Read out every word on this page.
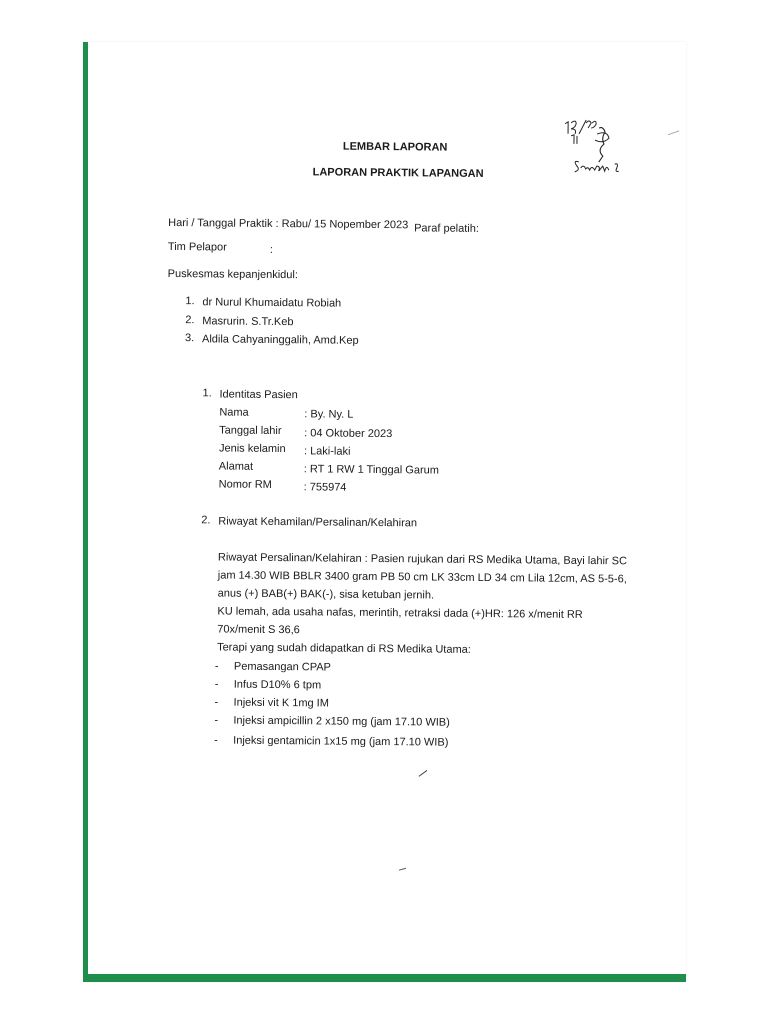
LEMBAR LAPORAN
LAPORAN PRAKTIK LAPANGAN
Hari / Tanggal Praktik : Rabu/ 15 Nopember 2023 Paraf pelatih:
Tim Pelapor	:
Puskesmas kepanjenkidul:
1. dr Nurul Khumaidatu Robiah
2. Masrurin. S.Tr.Keb
3. Aldila Cahyaninggalih, Amd.Kep
1. Identitas Pasien
Nama	: By. Ny. L
Tanggal lahir : 04 Oktober 2023
Jenis kelamin : Laki-laki
Alamat	: RT 1 RW 1 Tinggal Garum
Nomor RM	: 755974
2. Riwayat Kehamilan/Persalinan/Kelahiran
Riwayat Persalinan/Kelahiran : Pasien rujukan dari RS Medika Utama, Bayi lahir SC
jam 14.30 WIB BBLR 3400 gram PB 50 cm LK 33cm LD 34 cm Lila 12cm, AS 5-5-6,
anus (+) BAB(+) BAK(-), sisa ketuban jernih.
KU lemah, ada usaha nafas, merintih, retraksi dada (+)HR: 126 x/menit RR
70x/menit S 36,6
Terapi yang sudah didapatkan di RS Medika Utama:
- Pemasangan CPAP
- Infus D10% 6 tpm
- Injeksi vit K 1mg IM
- Injeksi ampicillin 2 x150 mg (jam 17.10 WIB)
- Injeksi gentamicin 1x15 mg (jam 17.10 WIB)
